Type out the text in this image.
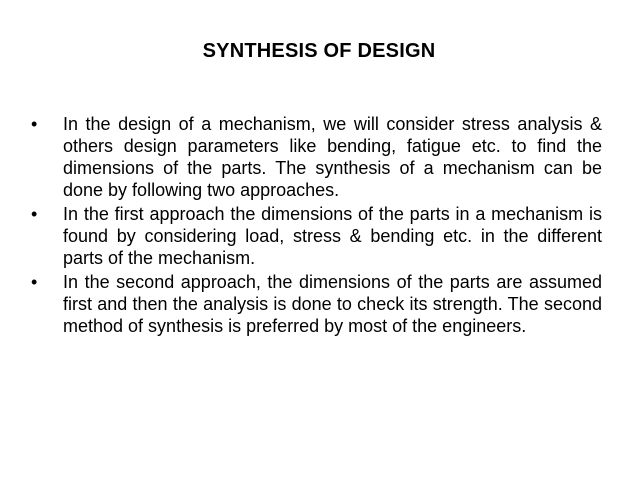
SYNTHESIS OF DESIGN
• In the design of a mechanism, we will consider stress analysis & others design parameters like bending, fatigue etc. to find the dimensions of the parts. The synthesis of a mechanism can be done by following two approaches.
• In the first approach the dimensions of the parts in a mechanism is found by considering load, stress & bending etc. in the different parts of the mechanism.
• In the second approach, the dimensions of the parts are assumed first and then the analysis is done to check its strength. The second method of synthesis is preferred by most of the engineers.
